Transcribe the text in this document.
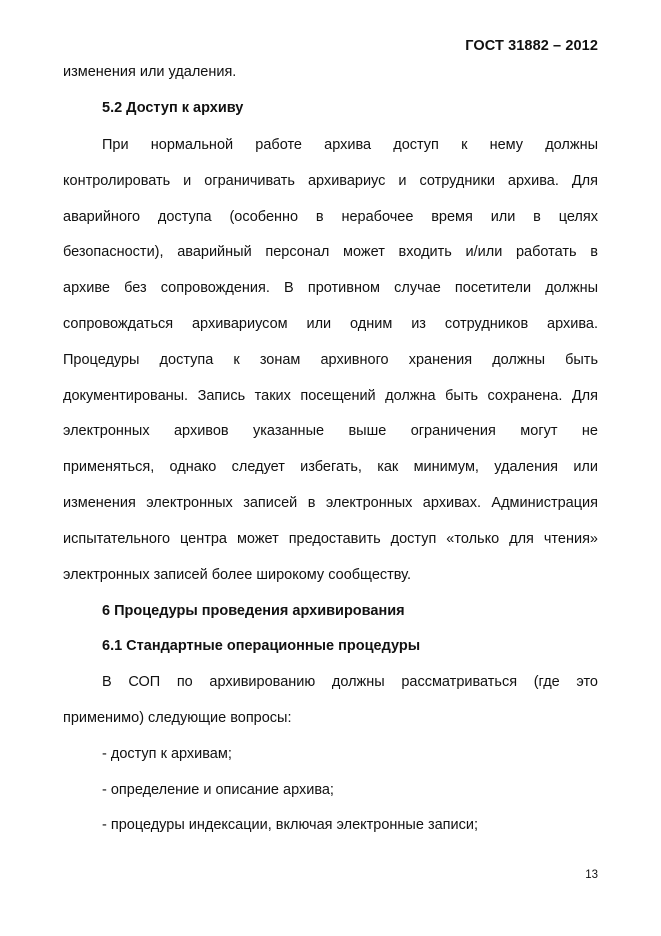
ГОСТ 31882 – 2012
изменения или удаления.
5.2 Доступ к архиву
При нормальной работе архива доступ к нему должны
контролировать и ограничивать архивариус и сотрудники архива. Для
аварийного доступа (особенно в нерабочее время или в целях
безопасности), аварийный персонал может входить и/или работать в
архиве без сопровождения. В противном случае посетители должны
сопровождаться архивариусом или одним из сотрудников архива.
Процедуры доступа к зонам архивного хранения должны быть
документированы. Запись таких посещений должна быть сохранена. Для
электронных архивов указанные выше ограничения могут не
применяться, однако следует избегать, как минимум, удаления или
изменения электронных записей в электронных архивах. Администрация
испытательного центра может предоставить доступ «только для чтения»
электронных записей более широкому сообществу.
6 Процедуры проведения архивирования
6.1 Стандартные операционные процедуры
В СОП по архивированию должны рассматриваться (где это
применимо) следующие вопросы:
- доступ к архивам;
- определение и описание архива;
- процедуры индексации, включая электронные записи;
13
